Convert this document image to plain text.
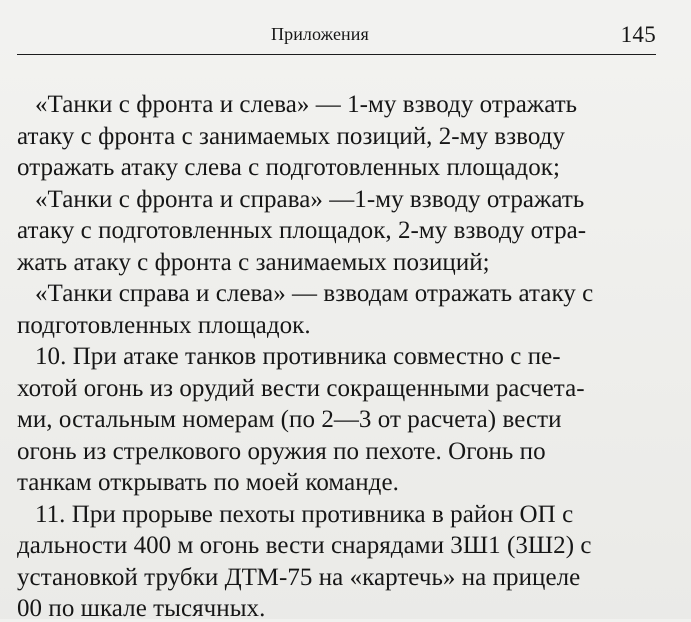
Приложения	145
«Танки с фронта и слева» — 1-му взводу отражать
атаку с фронта с занимаемых позиций, 2-му взводу
отражать атаку слева с подготовленных площадок;
«Танки с фронта и справа» —1-му взводу отражать
атаку с подготовленных площадок, 2-му взводу отра-
жать атаку с фронта с занимаемых позиций;
«Танки справа и слева» — взводам отражать атаку с
подготовленных площадок.
10. При атаке танков противника совместно с пе-
хотой огонь из орудий вести сокращенными расчета-
ми, остальным номерам (по 2—3 от расчета) вести
огонь из стрелкового оружия по пехоте. Огонь по
танкам открывать по моей команде.
11. При прорыве пехоты противника в район ОП с
дальности 400 м огонь вести снарядами 3Ш1 (3Ш2) с
установкой трубки ДТМ-75 на «картечь» на прицеле
00 по шкале тысячных.
